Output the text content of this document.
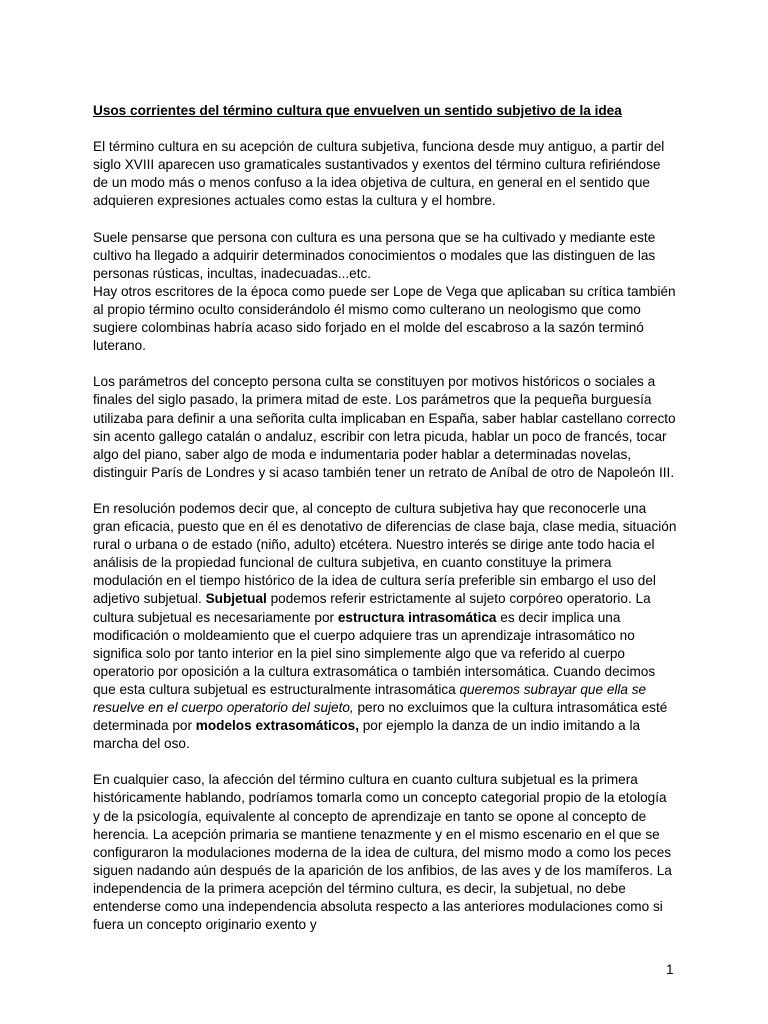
Usos corrientes del término cultura que envuelven un sentido subjetivo de la idea

El término cultura en su acepción de cultura subjetiva, funciona desde muy antiguo, a partir del siglo XVIII aparecen uso gramaticales sustantivados y exentos del término cultura refiriéndose de un modo más o menos confuso a la idea objetiva de cultura, en general en el sentido que adquieren expresiones actuales como estas la cultura y el hombre.

Suele pensarse que persona con cultura es una persona que se ha cultivado y mediante este cultivo ha llegado a adquirir determinados conocimientos o modales que las distinguen de las personas rústicas, incultas, inadecuadas...etc.

Hay otros escritores de la época como puede ser Lope de Vega que aplicaban su crítica también al propio término oculto considerándolo él mismo como culterano un neologismo que como sugiere colombinas habría acaso sido forjado en el molde del escabroso a la sazón terminó luterano.

Los parámetros del concepto persona culta se constituyen por motivos históricos o sociales a finales del siglo pasado, la primera mitad de este. Los parámetros que la pequeña burguesía utilizaba para definir a una señorita culta implicaban en España, saber hablar castellano correcto sin acento gallego catalán o andaluz, escribir con letra picuda, hablar un poco de francés, tocar algo del piano, saber algo de moda e indumentaria poder hablar a determinadas novelas, distinguir París de Londres y si acaso también tener un retrato de Aníbal de otro de Napoleón III.

En resolución podemos decir que, al concepto de cultura subjetiva hay que reconocerle una gran eficacia, puesto que en él es denotativo de diferencias de clase baja, clase media, situación rural o urbana o de estado (niño, adulto) etcétera. Nuestro interés se dirige ante todo hacia el análisis de la propiedad funcional de cultura subjetiva, en cuanto constituye la primera modulación en el tiempo histórico de la idea de cultura sería preferible sin embargo el uso del adjetivo subjetual. Subjetual podemos referir estrictamente al sujeto corpóreo operatorio. La cultura subjetual es necesariamente por estructura intrasomática es decir implica una modificación o moldeamiento que el cuerpo adquiere tras un aprendizaje intrasomático no significa solo por tanto interior en la piel sino simplemente algo que va referido al cuerpo operatorio por oposición a la cultura extrasomática o también intersomática. Cuando decimos que esta cultura subjetual es estructuralmente intrasomática queremos subrayar que ella se resuelve en el cuerpo operatorio del sujeto, pero no excluimos que la cultura intrasomática esté determinada por modelos extrasomáticos, por ejemplo la danza de un indio imitando a la marcha del oso.

En cualquier caso, la afección del término cultura en cuanto cultura subjetual es la primera históricamente hablando, podríamos tomarla como un concepto categorial propio de la etología y de la psicología, equivalente al concepto de aprendizaje en tanto se opone al concepto de herencia. La acepción primaria se mantiene tenazmente y en el mismo escenario en el que se configuraron la modulaciones moderna de la idea de cultura, del mismo modo a como los peces siguen nadando aún después de la aparición de los anfibios, de las aves y de los mamíferos. La independencia de la primera acepción del término cultura, es decir, la subjetual, no debe entenderse como una independencia absoluta respecto a las anteriores modulaciones como si fuera un concepto originario exento y

1
